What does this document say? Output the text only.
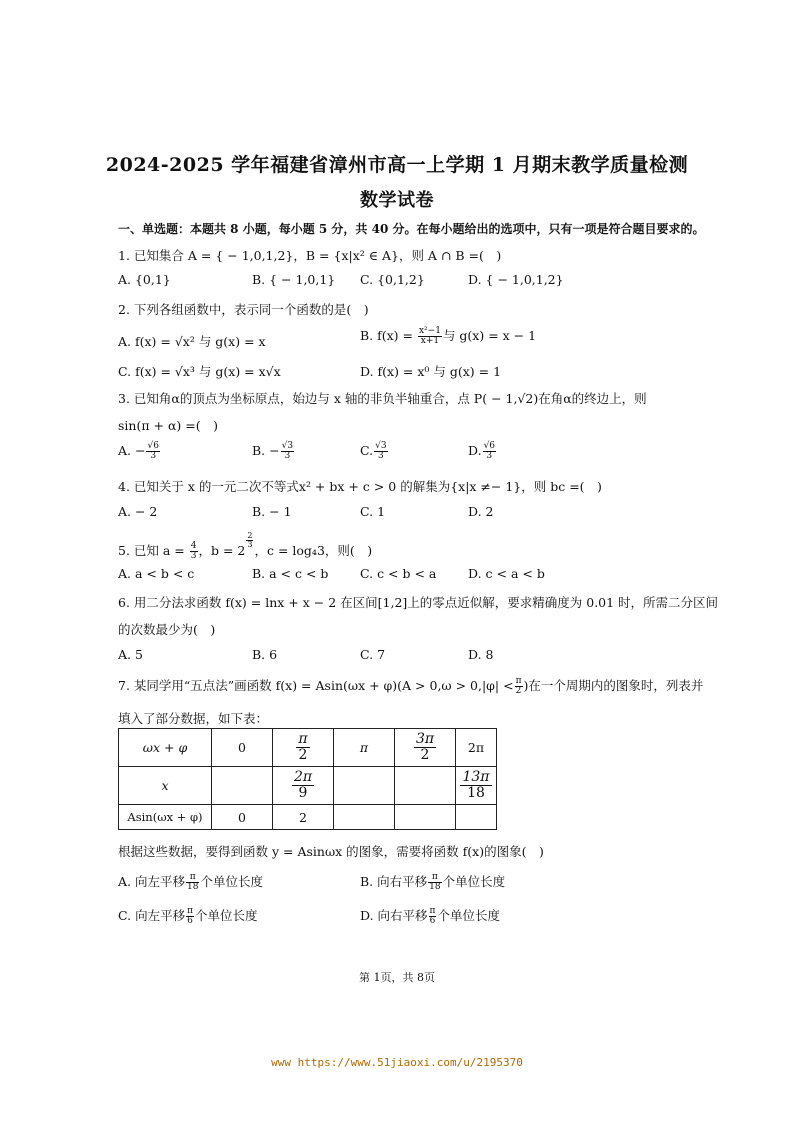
2024-2025 学年福建省漳州市高一上学期 1 月期末教学质量检测
数学试卷
一、单选题：本题共 8 小题，每小题 5 分，共 40 分。在每小题给出的选项中，只有一项是符合题目要求的。
1. 已知集合 A = { − 1,0,1,2}，B = {x|x² ∈ A}，则 A ∩ B =(　)
A. {0,1}	B. { − 1,0,1} C. {0,1,2}	D. { − 1,0,1,2}
2. 下列各组函数中，表示同一个函数的是(　)
A. f(x) = √x² 与 g(x) = x	B. $f(x) = \frac{\text{x²−1}}{x+1}$ 与 g(x) = x − 1
C. f(x) = √x³ 与 g(x) = x√x	D. f(x) = x⁰ 与 g(x) = 1
3. 已知角α的顶点为坐标原点，始边与 x 轴的非负半轴重合，点 P( − 1,√2)在角α的终边上，则
sin(π + α) =(　)
A. − $\frac{√6}{3}$	B. − $\frac{√3}{3}$	C. $\frac{√3}{3}$	D. $\frac{√6}{3}$
4. 已知关于 x 的一元二次不等式x² + bx + c > 0 的解集为{x|x ≠− 1}，则 bc =(　)
A. − 2	B. − 1	C. 1	D. 2
5. 已知 $a = \frac{4}{3}$ ，b = 2
$\frac{2}{3}$
，c = log₄3，则(　)
A. a < b < c	B. a < c < b	C. c < b < a	D. c < a < b
6. 用二分法求函数 f(x) = lnx + x − 2 在区间[1,2]上的零点近似解，要求精确度为 0.01 时，所需二分区间
的次数最少为(　)
A. 5	B. 6	C. 7	D. 8
7. 某同学用“五点法”画函数 $f(x) = Asin(\omega x + \varphi)(A > 0,\omega > 0,|\varphi| < \frac{\pi}{2}$ )在一个周期内的图象时，列表并
填入了部分数据，如下表：
ωx + φ	0	$\frac{\pi}{2}$	π	$\frac{3\pi}{2}$	2π
x		$\frac{2\pi}{9}$			$\frac{13\pi}{18}$

Asin(ωx + φ)	0	2			
根据这些数据，要得到函数 y = Asinωx 的图象，需要将函数 f(x)的图象(　)
A. 向左平移 $\frac{\pi}{18}$ 个单位长度	B. 向右平移 $\frac{\pi}{18}$ 个单位长度
C. 向左平移 $\frac{\pi}{6}$ 个单位长度	D. 向右平移 $\frac{\pi}{6}$ 个单位长度
第 1页，共 8页
www https://www.51jiaoxi.com/u/2195370
